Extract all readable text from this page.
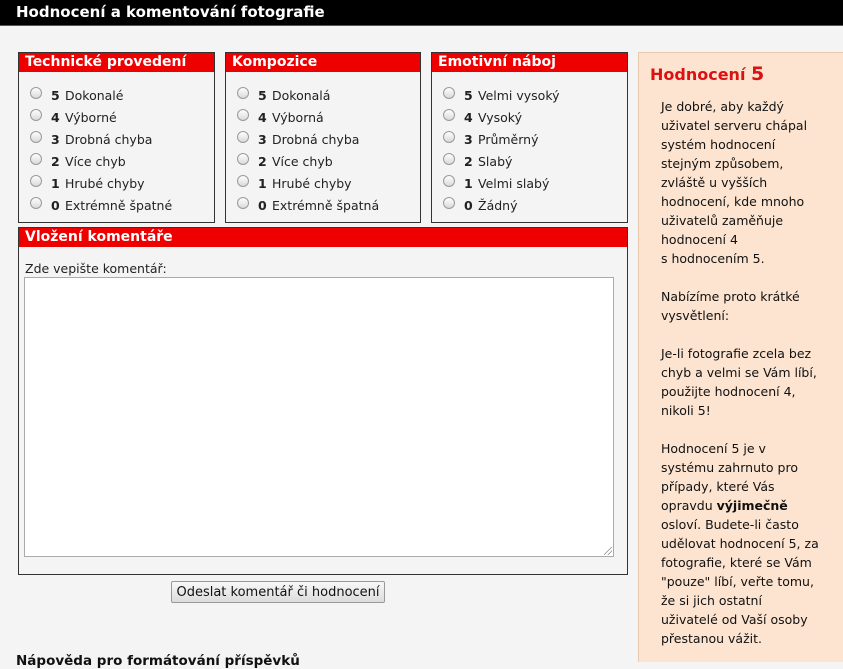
Hodnocení a komentování fotografie
Technické provedení
5 Dokonalé
4 Výborné
3 Drobná chyba
2 Více chyb
1 Hrubé chyby
0 Extrémně špatné
Kompozice
5 Dokonalá
4 Výborná
3 Drobná chyba
2 Více chyb
1 Hrubé chyby
0 Extrémně špatná
Emotivní náboj
5 Velmi vysoký
4 Vysoký
3 Průměrný
2 Slabý
1 Velmi slabý
0 Žádný
Vložení komentáře
Zde vepište komentář:
Odeslat komentář či hodnocení
Nápověda pro formátování příspěvků
Hodnocení 5

Je dobré, aby každý
uživatel serveru chápal
systém hodnocení
stejným způsobem,
zvláště u vyšších
hodnocení, kde mnoho
uživatelů zaměňuje
hodnocení 4
s hodnocením 5.

Nabízíme proto krátké
vysvětlení:

Je-li fotografie zcela bez
chyb a velmi se Vám líbí,
použijte hodnocení 4,
nikoli 5!

Hodnocení 5 je v
systému zahrnuto pro
případy, které Vás
opravdu výjimečně
osloví. Budete-li často
udělovat hodnocení 5, za
fotografie, které se Vám
"pouze" líbí, veřte tomu,
že si jich ostatní
uživatelé od Vaší osoby
přestanou vážit.
